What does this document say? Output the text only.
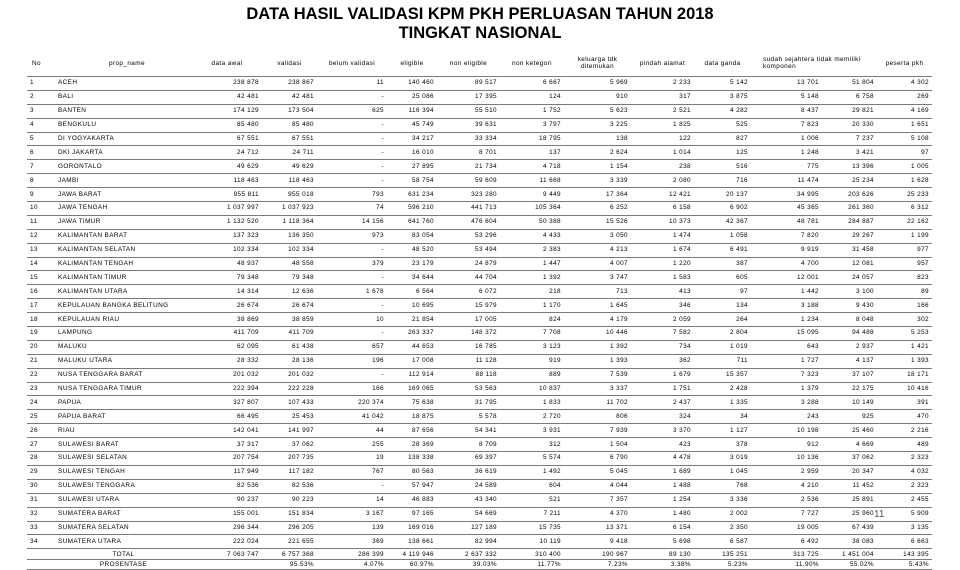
DATA HASIL VALIDASI KPM PKH PERLUASAN TAHUN 2018
TINGKAT NASIONAL
No	prop_name	data awal	validasi	belum validasi	eligible	non eligible	non ketegori	keluarga tdk ditemukan	pindah alamat	data ganda	sudah sejahtera tidak memiliki komponen		peserta pkh
1	ACEH	238 878	238 867	11	140 460	89 517	6 667	5 969	2 233	5 142	13 701	51 804	4 302
2	BALI	42 481	42 481	-	25 086	17 395	124	910	317	3 875	5 148	6 758	269
3	BANTEN	174 129	173 504	625	116 394	55 510	1 752	5 623	2 521	4 282	8 437	29 821	4 169
4	BENGKULU	85 480	85 480	-	45 749	39 631	3 797	3 225	1 825	525	7 823	20 330	1 651
5	DI YOGYAKARTA	67 551	67 551	-	34 217	33 334	18 795	138	122	827	1 006	7 237	5 108
6	DKI JAKARTA	24 712	24 711	-	16 010	8 701	137	2 624	1 014	125	1 248	3 421	97
7	GORONTALO	49 629	49 629	-	27 895	21 734	4 718	1 154	238	516	775	13 396	1 005
8	JAMBI	118 463	118 463	-	58 754	59 609	11 668	3 339	2 080	716	11 474	25 234	1 628
9	JAWA BARAT	955 811	955 018	793	631 234	323 280	9 449	17 364	12 421	20 137	34 995	203 626	25 233
10	JAWA TENGAH	1 037 997	1 037 923	74	596 210	441 713	105 364	6 252	6 158	6 902	45 365	261 360	6 312
11	JAWA TIMUR	1 132 520	1 118 364	14 156	641 760	476 604	50 388	15 526	10 373	42 367	48 781	284 887	22 162
12	KALIMANTAN BARAT	137 323	136 350	973	83 054	53 296	4 433	3 050	1 474	1 058	7 820	29 267	1 199
13	KALIMANTAN SELATAN	102 334	102 334	-	48 520	53 494	2 383	4 213	1 674	6 491	9 919	31 458	977
14	KALIMANTAN TENGAH	48 937	48 558	379	23 179	24 879	1 447	4 007	1 220	387	4 700	12 081	957
15	KALIMANTAN TIMUR	79 348	79 348	-	34 644	44 704	1 392	3 747	1 583	605	12 001	24 057	823
16	KALIMANTAN UTARA	14 314	12 636	1 678	6 564	6 072	218	713	413	97	1 442	3 100	89
17	KEPULAUAN BANGKA BELITUNG	26 674	26 674	-	10 695	15 979	1 170	1 645	346	134	3 188	9 430	166
18	KEPULAUAN RIAU	38 869	38 859	10	21 854	17 005	824	4 179	2 059	264	1 234	8 048	302
19	LAMPUNG	411 709	411 709	-	263 337	148 372	7 708	10 446	7 582	2 804	15 095	94 488	5 253
20	MALUKU	62 095	61 438	657	44 653	16 785	3 123	1 392	734	1 019	643	2 937	1 421
21	MALUKU UTARA	28 332	28 136	196	17 008	11 128	919	1 393	362	711	1 727	4 137	1 393
22	NUSA TENGGARA BARAT	201 032	201 032	-	112 914	88 118	889	7 539	1 679	15 357	7 323	37 107	18 171
23	NUSA TENGGARA TIMUR	222 394	222 228	166	169 065	53 563	10 837	3 337	1 751	2 428	1 379	22 175	10 416
24	PAPUA	327 807	107 433	220 374	75 638	31 795	1 833	11 702	2 437	1 335	3 288	10 149	391
25	PAPUA BARAT	66 495	25 453	41 042	18 875	5 578	2 720	806	324	34	243	925	470
26	RIAU	142 041	141 997	44	87 656	54 341	3 931	7 939	3 370	1 127	10 198	25 460	2 216
27	SULAWESI BARAT	37 317	37 062	255	28 369	8 709	312	1 504	423	378	912	4 669	489
28	SULAWESI SELATAN	207 754	207 735	19	138 338	69 397	5 574	6 790	4 478	3 019	10 136	37 062	2 323
29	SULAWESI TENGAH	117 949	117 182	767	80 563	36 619	1 492	5 045	1 689	1 045	2 959	20 347	4 032
30	SULAWESI TENGGARA	82 536	82 536	-	57 947	24 589	604	4 044	1 488	768	4 210	11 452	2 323
31	SULAWESI UTARA	90 237	90 223	14	46 883	43 340	521	7 357	1 254	3 336	2 536	25 891	2 455
32	SUMATERA BARAT	155 001	151 834	3 167	97 165	54 669	7 211	4 370	1 480	2 002	7 727	25 960	5 909
33	SUMATERA SELATAN	296 344	296 205	139	169 016	127 189	15 735	13 371	6 154	2 350	19 005	67 439	3 135
34	SUMATERA UTARA	222 024	221 655	369	138 661	82 994	10 119	9 418	5 698	6 587	6 492	38 083	6 663
	TOTAL	7 063 747	6 757 368	286 399	4 119 946	2 637 332	310 400	190 967	89 130	135 251	313 725	1 451 004	143 395
	PROSENTASE		95.53%	4.07%	60.97%	39.03%	11.77%	7.23%	3.38%	5.23%	11.90%	55.02%	5.43%
11
